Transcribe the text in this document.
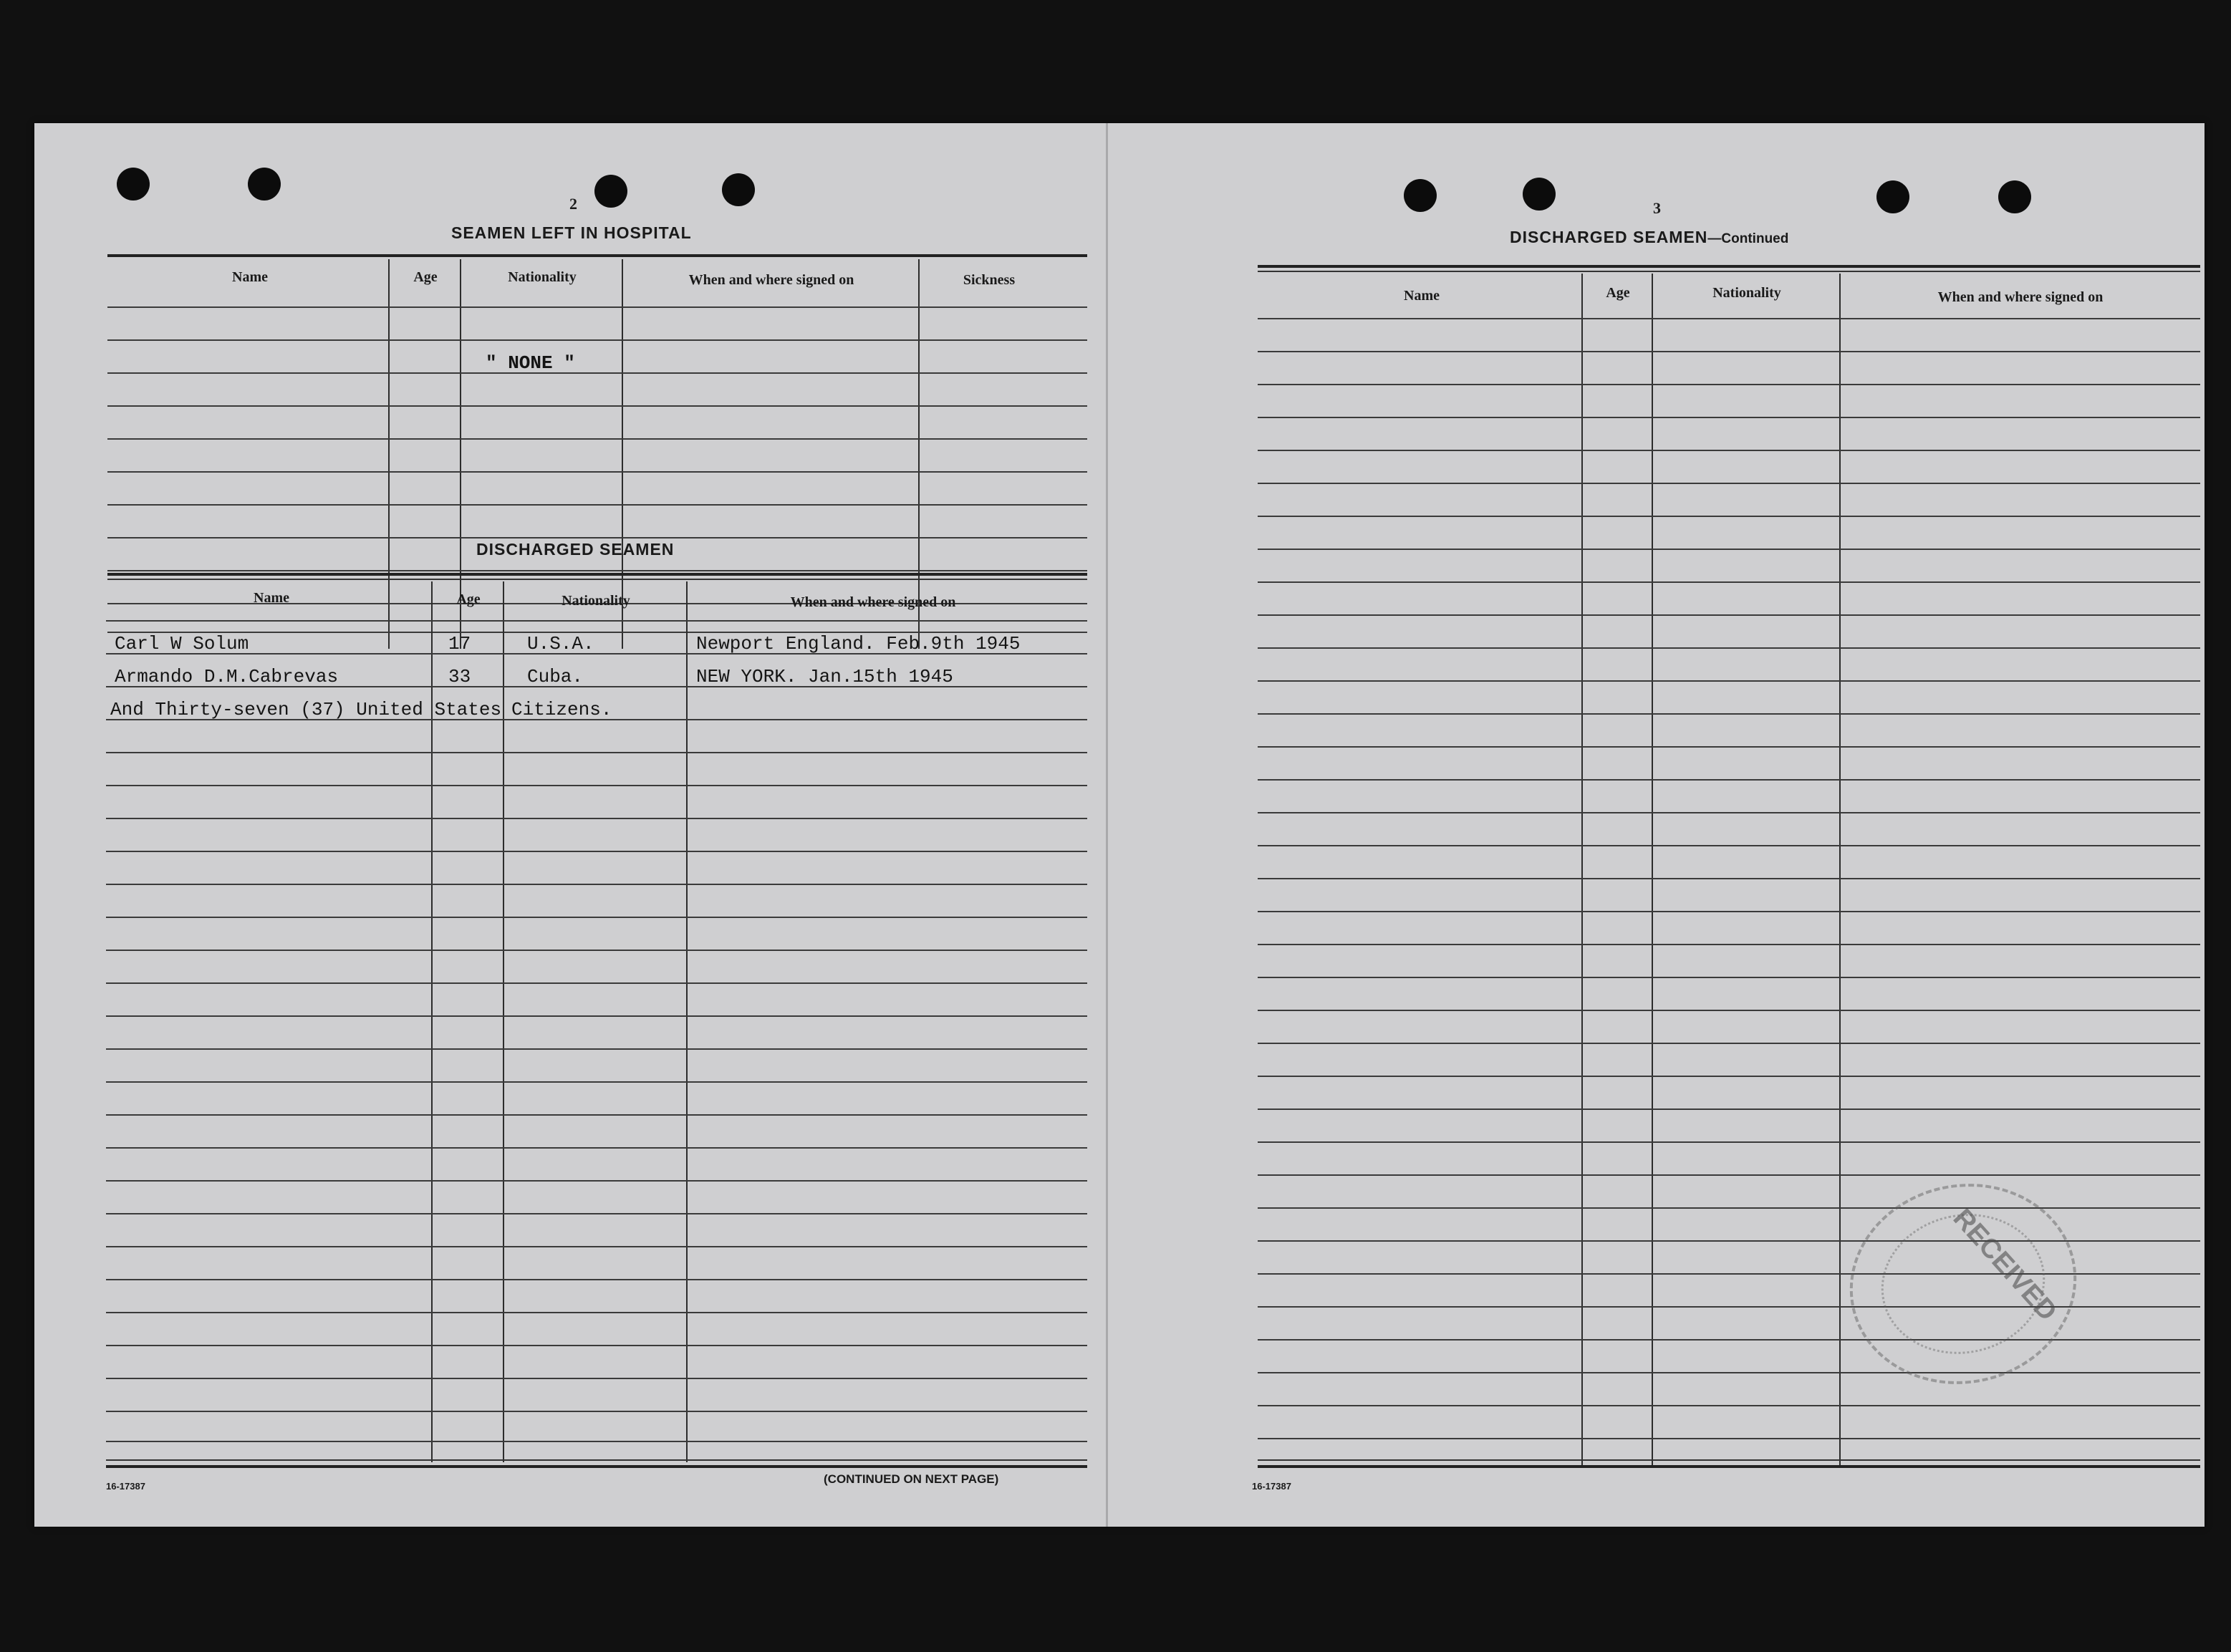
2
SEAMEN LEFT IN HOSPITAL
Name	Age	Nationality	When and where signed on	Sickness
" NONE "
DISCHARGED SEAMEN
Name	Age	Nationality	When and where signed on
Carl W Solum	17	U.S.A.	Newport England. Feb.9th 1945
Armando D.M.Cabrevas	33	Cuba.	NEW YORK. Jan.15th 1945
And Thirty-seven (37) United States Citizens.
16-17387
(CONTINUED ON NEXT PAGE)
3
DISCHARGED SEAMEN—Continued
Name	Age	Nationality	When and where signed on
16-17387
RECEIVED
